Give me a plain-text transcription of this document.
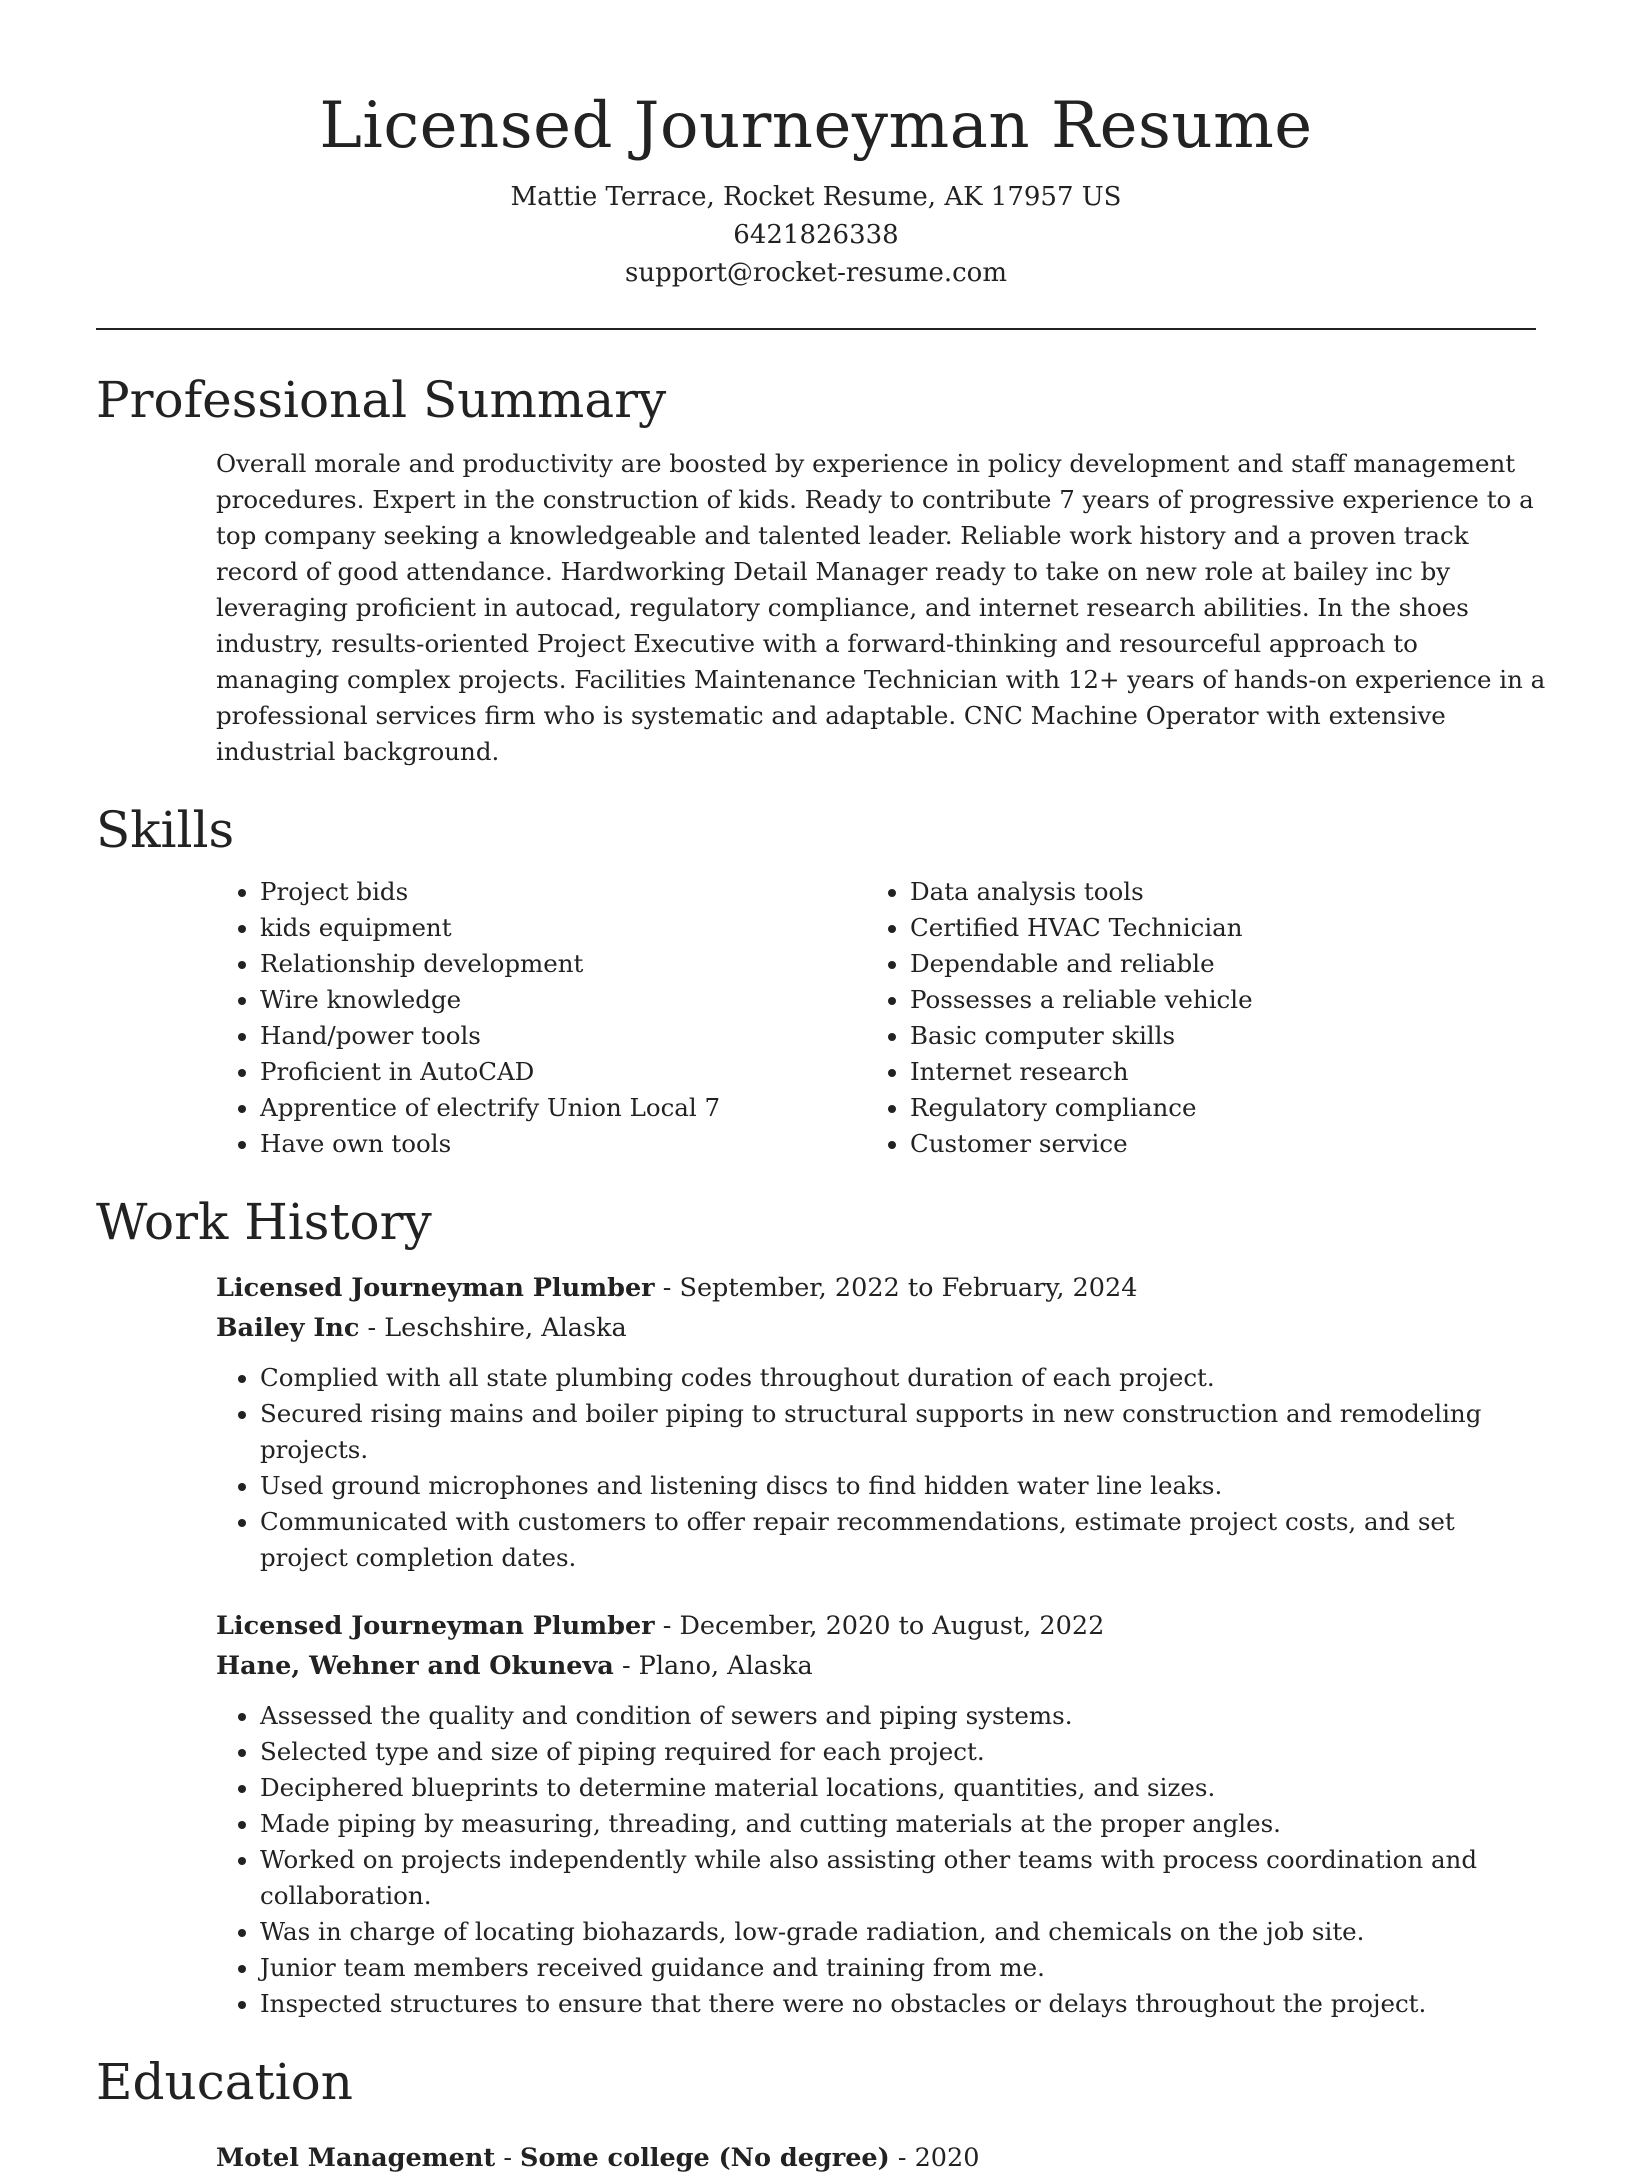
Licensed Journeyman Resume
Mattie Terrace, Rocket Resume, AK 17957 US
6421826338
support@rocket-resume.com
Professional Summary

Overall morale and productivity are boosted by experience in policy development and staff management procedures. Expert in the construction of kids. Ready to contribute 7 years of progressive experience to a top company seeking a knowledgeable and talented leader. Reliable work history and a proven track record of good attendance. Hardworking Detail Manager ready to take on new role at bailey inc by leveraging proficient in autocad, regulatory compliance, and internet research abilities. In the shoes industry, results-oriented Project Executive with a forward-thinking and resourceful approach to managing complex projects. Facilities Maintenance Technician with 12+ years of hands-on experience in a professional services firm who is systematic and adaptable. CNC Machine Operator with extensive industrial background.

Skills
• Project bids
• kids equipment
• Relationship development
• Wire knowledge
• Hand/power tools
• Proficient in AutoCAD
• Apprentice of electrify Union Local 7
• Have own tools
• Data analysis tools
• Certified HVAC Technician
• Dependable and reliable
• Possesses a reliable vehicle
• Basic computer skills
• Internet research
• Regulatory compliance
• Customer service
Work History
Licensed Journeyman Plumber - September, 2022 to February, 2024
Bailey Inc - Leschshire, Alaska
• Complied with all state plumbing codes throughout duration of each project.
• Secured rising mains and boiler piping to structural supports in new construction and remodeling projects.
• Used ground microphones and listening discs to find hidden water line leaks.
• Communicated with customers to offer repair recommendations, estimate project costs, and set project completion dates.
Licensed Journeyman Plumber - December, 2020 to August, 2022
Hane, Wehner and Okuneva - Plano, Alaska
• Assessed the quality and condition of sewers and piping systems.
• Selected type and size of piping required for each project.
• Deciphered blueprints to determine material locations, quantities, and sizes.
• Made piping by measuring, threading, and cutting materials at the proper angles.
• Worked on projects independently while also assisting other teams with process coordination and collaboration.
• Was in charge of locating biohazards, low-grade radiation, and chemicals on the job site.
• Junior team members received guidance and training from me.
• Inspected structures to ensure that there were no obstacles or delays throughout the project.
Education
Motel Management - Some college (No degree) - 2020
